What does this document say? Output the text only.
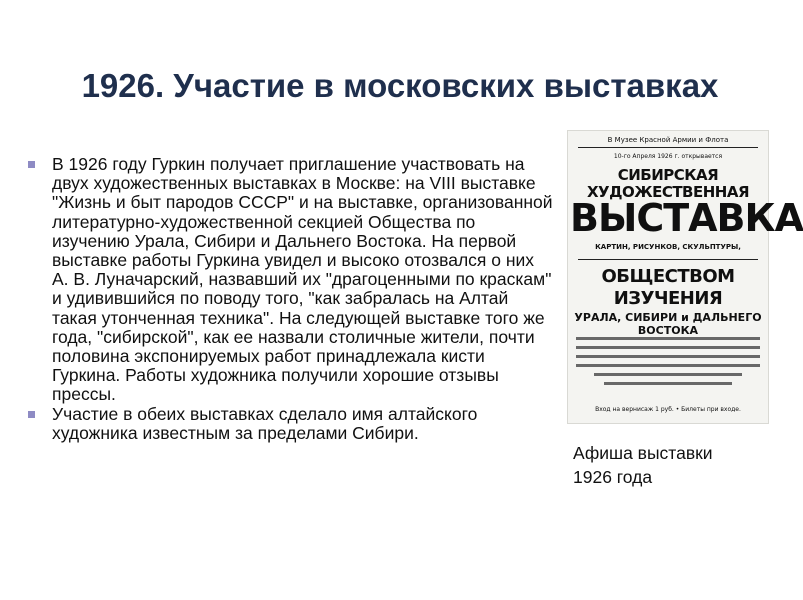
1926. Участие в московских выставках
В 1926 году Гуркин получает приглашение участвовать на двух художественных выставках в Москве: на VIII выставке "Жизнь и быт пародов СССР" и на выставке, организованной литературно-художественной секцией Общества по изучению Урала, Сибири и Дальнего Востока. На первой выставке работы Гуркина увидел и высоко отозвался о них А. В. Луначарский, назвавший их "драгоценными по краскам" и удивившийся по поводу того, "как забралась на Алтай такая утонченная техника". На следующей выставке того же года, "сибирской", как ее назвали столичные жители, почти половина экспонируемых работ принадлежала кисти Гуркина. Работы художника получили хорошие отзывы прессы.
Участие в обеих выставках сделало имя алтайского художника известным за пределами Сибири.
В Музее Красной Армии и Флота
10-го Апреля 1926 г. открывается
СИБИРСКАЯ ХУДОЖЕСТВЕННАЯ
ВЫСТАВКА
КАРТИН, РИСУНКОВ, СКУЛЬПТУРЫ,
ОБЩЕСТВОМ ИЗУЧЕНИЯ
УРАЛА, СИБИРИ и ДАЛЬНЕГО ВОСТОКА
Вход на вернисаж 1 руб. • Билеты при входе.
Афиша выставки 1926 года
